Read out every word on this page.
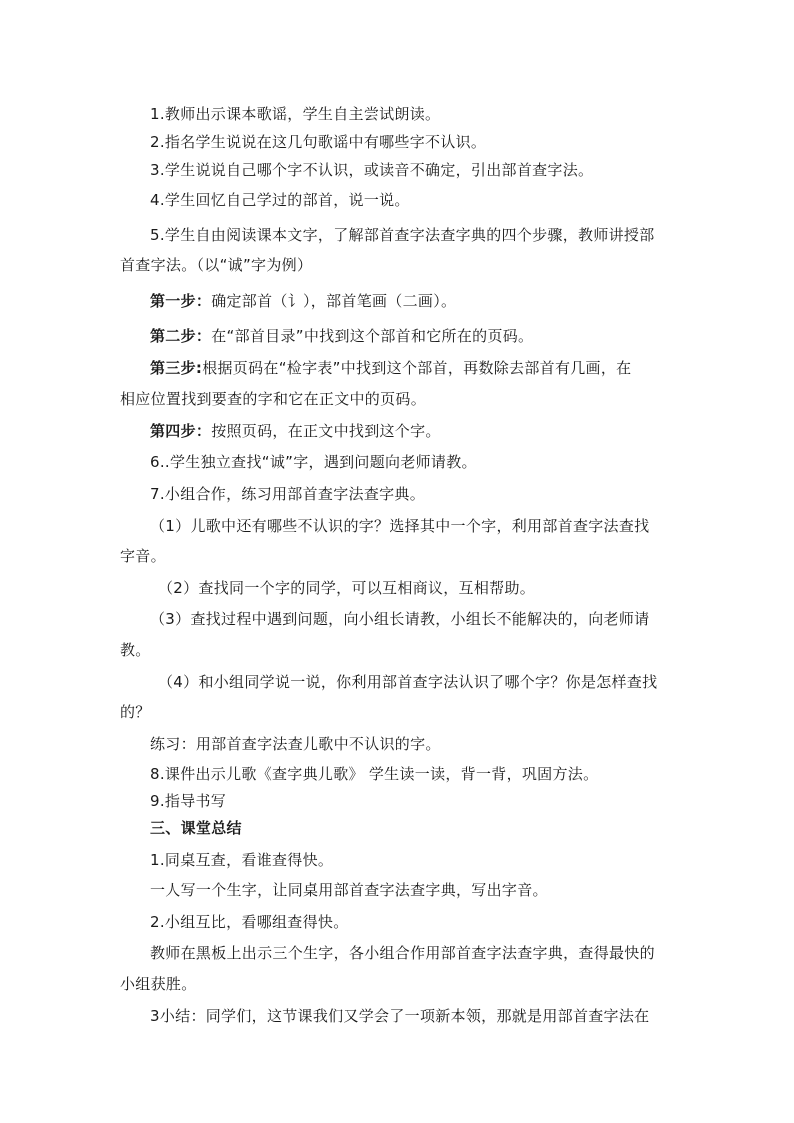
1.教师出示课本歌谣，学生自主尝试朗读。
2.指名学生说说在这几句歌谣中有哪些字不认识。
3.学生说说自己哪个字不认识，或读音不确定，引出部首查字法。
4.学生回忆自己学过的部首，说一说。
5.学生自由阅读课本文字，了解部首查字法查字典的四个步骤，教师讲授部
首查字法。（以“诚”字为例）
第一步：确定部首（讠），部首笔画（二画）。
第二步：在“部首目录”中找到这个部首和它所在的页码。
第三步:根据页码在“检字表”中找到这个部首，再数除去部首有几画，在
相应位置找到要查的字和它在正文中的页码。
第四步：按照页码，在正文中找到这个字。
6..学生独立查找“诚”字，遇到问题向老师请教。
7.小组合作，练习用部首查字法查字典。
（1）儿歌中还有哪些不认识的字？选择其中一个字，利用部首查字法查找
字音。
（2）查找同一个字的同学，可以互相商议，互相帮助。
（3）查找过程中遇到问题，向小组长请教，小组长不能解决的，向老师请
教。
（4）和小组同学说一说，你利用部首查字法认识了哪个字？你是怎样查找
的？
练习：用部首查字法查儿歌中不认识的字。
8.课件出示儿歌《查字典儿歌》 学生读一读，背一背，巩固方法。
9.指导书写
三、课堂总结
1.同桌互查，看谁查得快。
一人写一个生字，让同桌用部首查字法查字典，写出字音。
2.小组互比，看哪组查得快。
教师在黑板上出示三个生字，各小组合作用部首查字法查字典，查得最快的
小组获胜。
3小结：同学们，这节课我们又学会了一项新本领，那就是用部首查字法在
